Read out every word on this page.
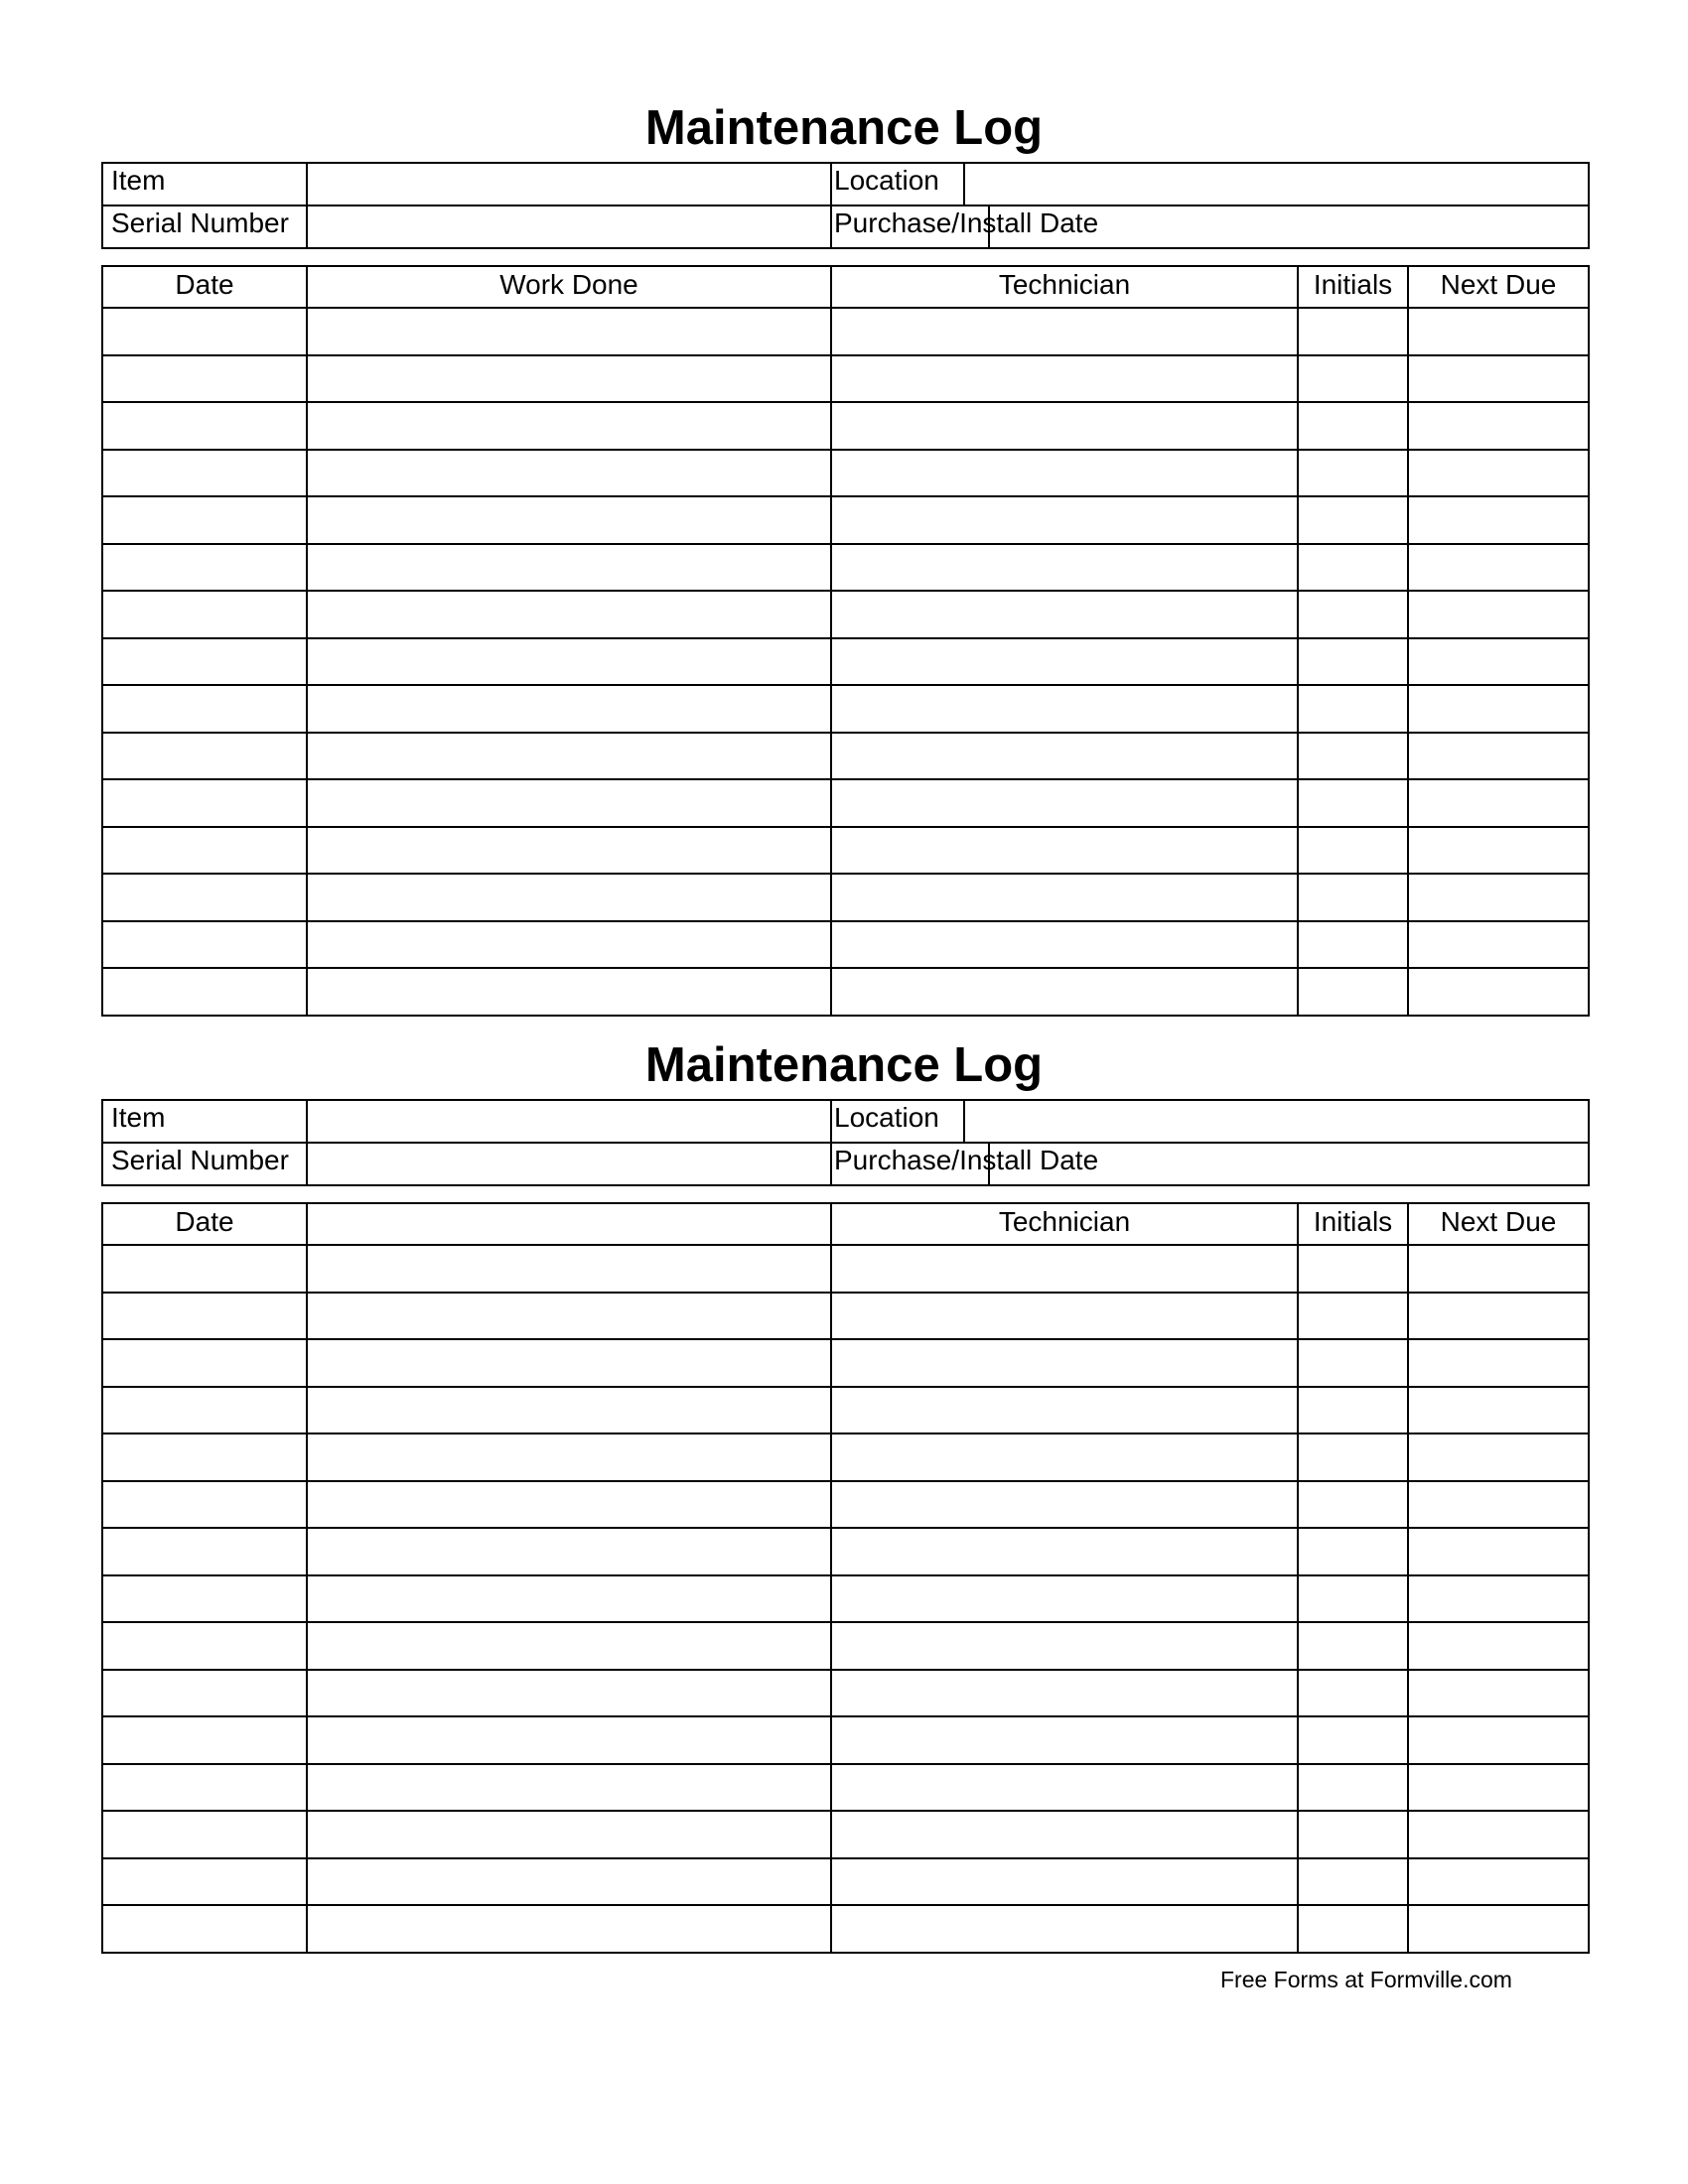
Maintenance Log
Item		Location		
Serial Number		Purchase/Install Date		
Date	Work Done	Technician	Initials	Next Due

Maintenance Log
Item		Location		
Serial Number		Purchase/Install Date		
Date		Technician	Initials	Next Due

Free Forms at Formville.com
